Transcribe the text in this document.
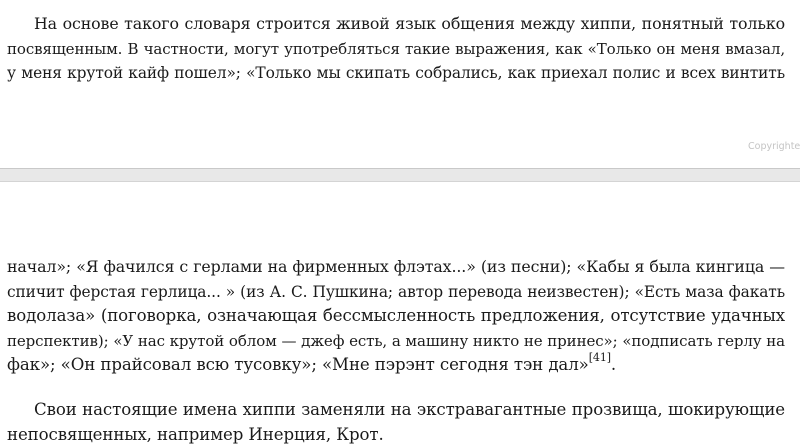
На основе такого словаря строится живой язык общения между хиппи, понятный только
посвященным. В частности, могут употребляться такие выражения, как «Только он меня вмазал,
у меня крутой кайф пошел»; «Только мы скипать собрались, как приехал полис и всех винтить

Copyrighte

начал»; «Я фачился с герлами на фирменных флэтах...» (из песни); «Кабы я была кингица —
спичит ферстая герлица... » (из А. С. Пушкина; автор перевода неизвестен); «Есть маза факать
водолаза» (поговорка, означающая бессмысленность предложения, отсутствие удачных
перспектив); «У нас крутой облом — джеф есть, а машину никто не принес»; «подписать герлу на
фак»; «Он прайсовал всю тусовку»; «Мне пэрэнт сегодня тэн дал»[41].

Свои настоящие имена хиппи заменяли на экстравагантные прозвища, шокирующие
непосвященных, например Инерция, Крот.
